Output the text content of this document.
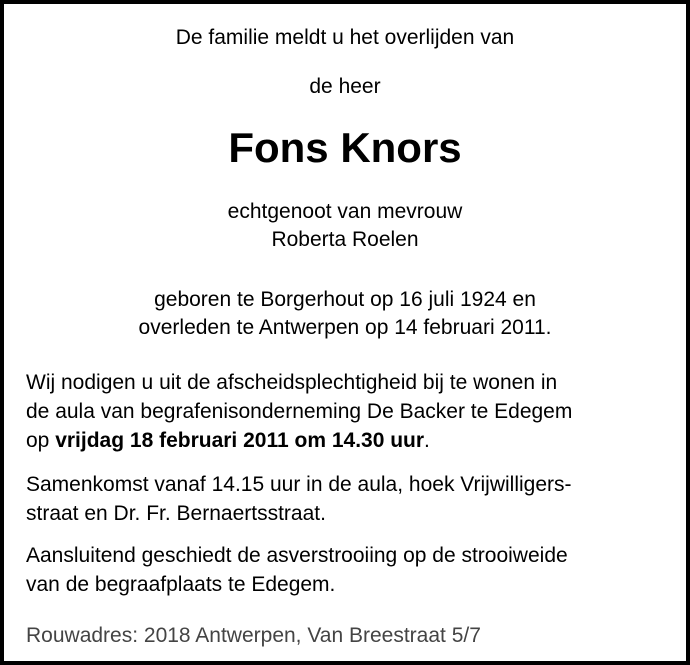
De familie meldt u het overlijden van
de heer
Fons Knors
echtgenoot van mevrouw
Roberta Roelen
geboren te Borgerhout op 16 juli 1924 en
overleden te Antwerpen op 14 februari 2011.
Wij nodigen u uit de afscheidsplechtigheid bij te wonen in
de aula van begrafenisonderneming De Backer te Edegem
op vrijdag 18 februari 2011 om 14.30 uur.
Samenkomst vanaf 14.15 uur in de aula, hoek Vrijwilligers-
straat en Dr. Fr. Bernaertsstraat.
Aansluitend geschiedt de asverstrooiing op de strooiweide
van de begraafplaats te Edegem.
Rouwadres: 2018 Antwerpen, Van Breestraat 5/7
